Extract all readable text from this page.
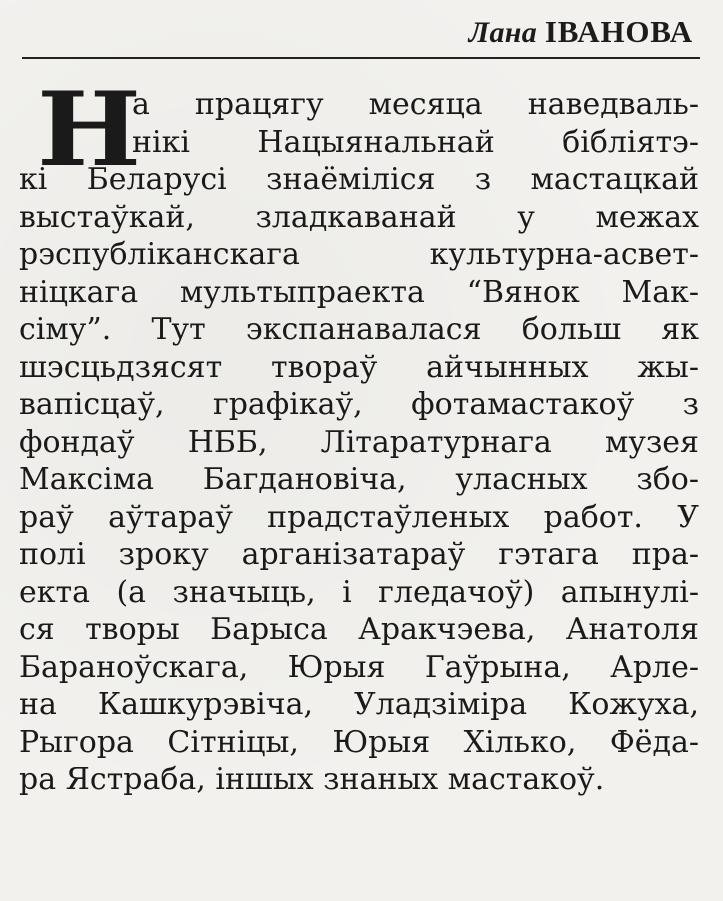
Лана ІВАНОВА
Н
а працягу месяца наведваль-
нікі Нацыянальнай бібліятэ-
кі Беларусі знаёміліся з мастацкай
выстаўкай, зладкаванай у межах
рэспубліканскага культурна-асвет-
ніцкага мультыпраекта “Вянок Мак-
сіму”. Тут экспанавалася больш як
шэсцьдзясят твораў айчынных жы-
вапісцаў, графікаў, фотамастакоў з
фондаў НББ, Літаратурнага музея
Максіма Багдановіча, уласных збо-
раў аўтараў прадстаўленых работ. У
полі зроку арганізатараў гэтага пра-
екта (а значыць, і гледачоў) апынулі-
ся творы Барыса Аракчэева, Анатоля
Бараноўскага, Юрыя Гаўрына, Арле-
на Кашкурэвіча, Уладзіміра Кожуха,
Рыгора Сітніцы, Юрыя Хілько, Фёда-
ра Ястраба, іншых знаных мастакоў.
